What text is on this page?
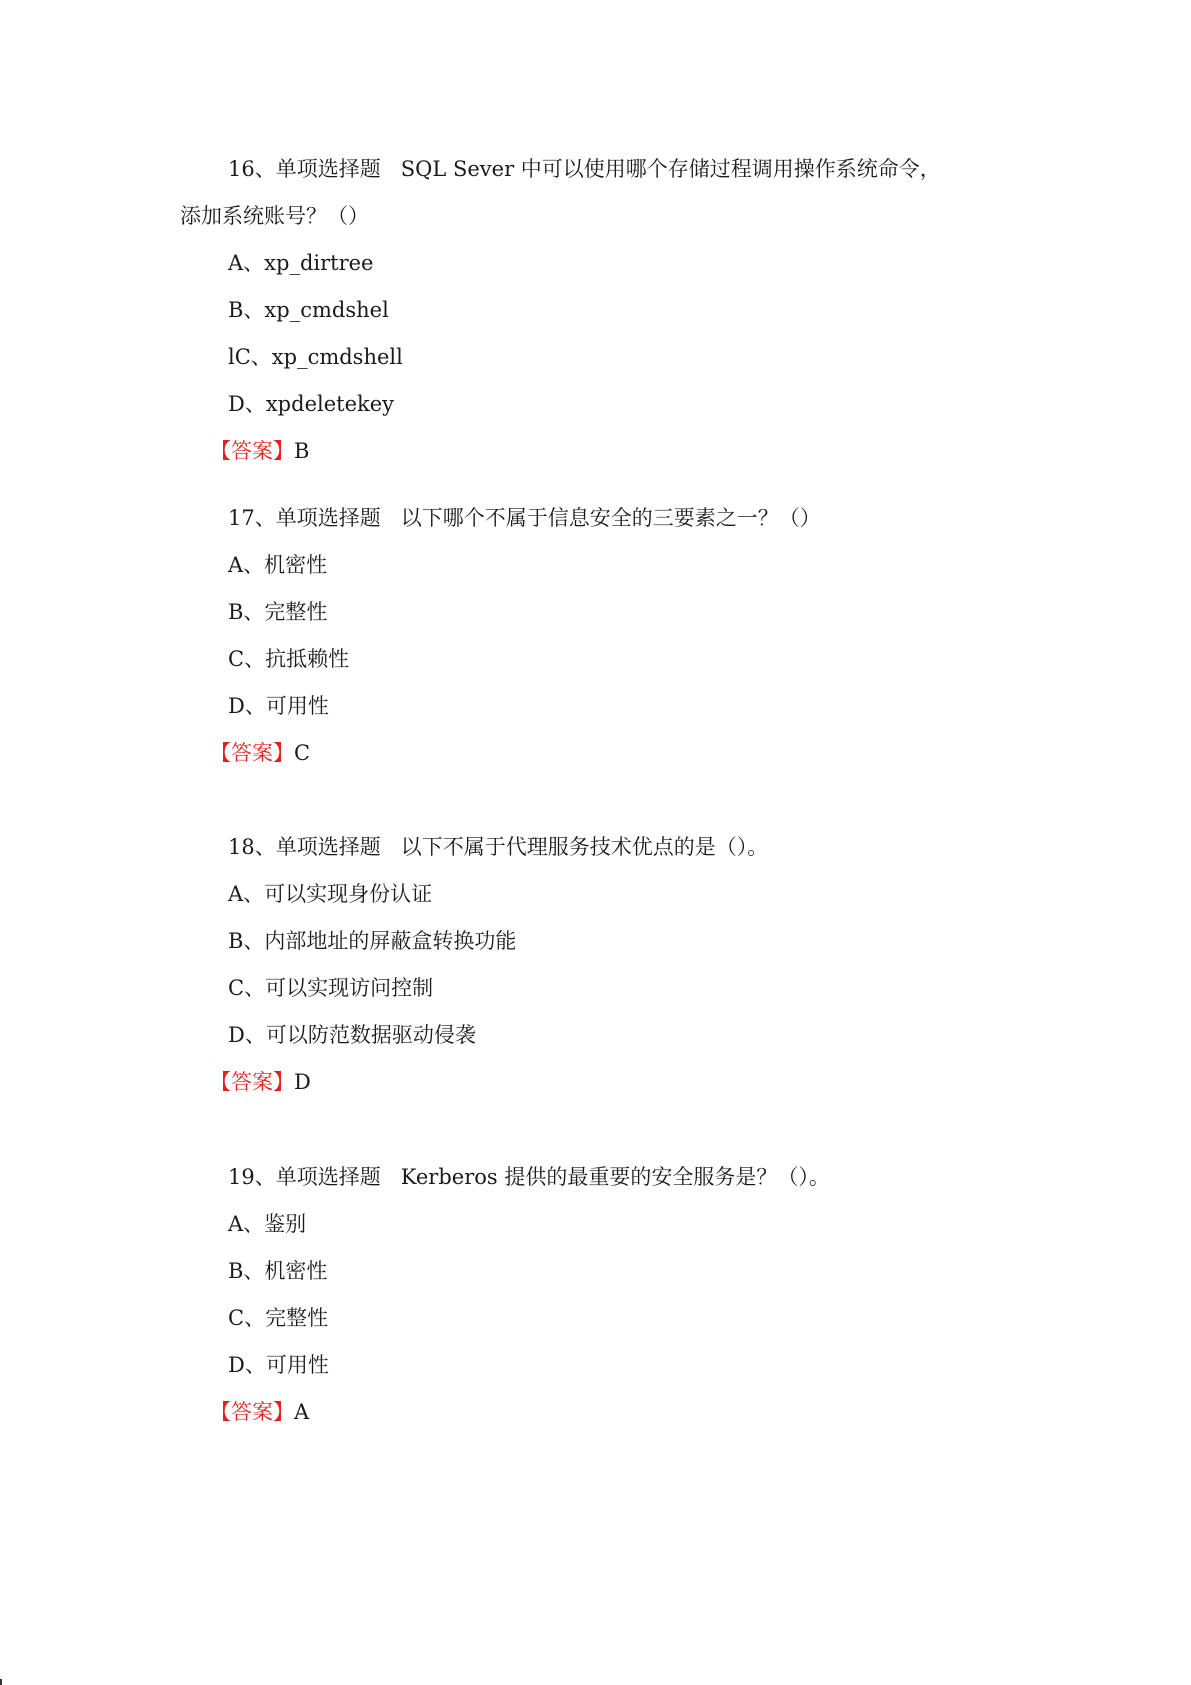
16、单项选择题 SQL Sever 中可以使用哪个存储过程调用操作系统命令，
添加系统账号？（）
A、xp_dirtree
B、xp_cmdshel
lC、xp_cmdshell
D、xpdeletekey
【答案】B
17、单项选择题 以下哪个不属于信息安全的三要素之一？（）
A、机密性
B、完整性
C、抗抵赖性
D、可用性
【答案】C
18、单项选择题 以下不属于代理服务技术优点的是（）。
A、可以实现身份认证
B、内部地址的屏蔽盒转换功能
C、可以实现访问控制
D、可以防范数据驱动侵袭
【答案】D
19、单项选择题 Kerberos 提供的最重要的安全服务是？（）。
A、鉴别
B、机密性
C、完整性
D、可用性
【答案】A
